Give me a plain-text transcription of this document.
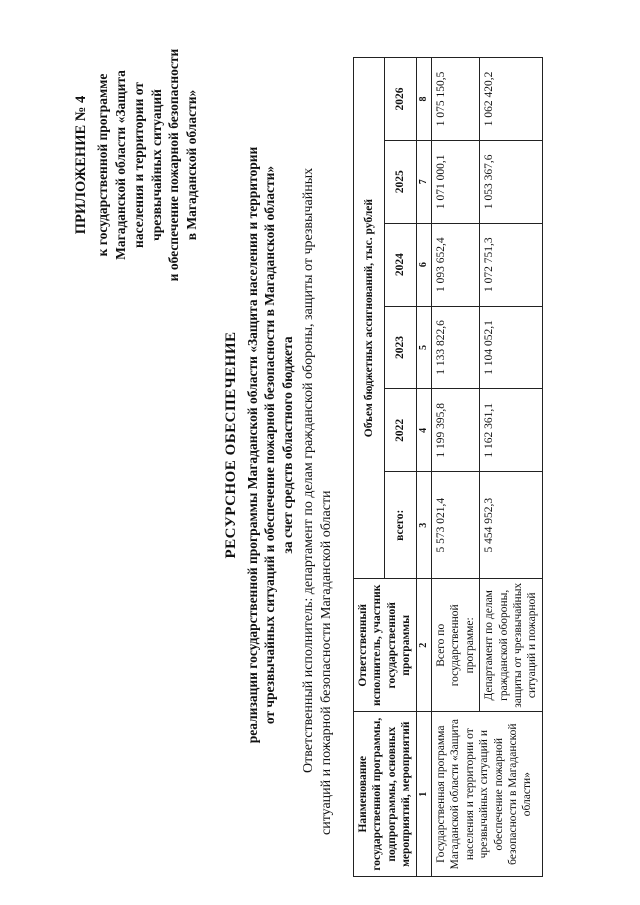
ПРИЛОЖЕНИЕ № 4 к государственной программе Магаданской области «Защита населения и территории от чрезвычайных ситуаций и обеспечение пожарной безопасности в Магаданской области»
РЕСУРСНОЕ ОБЕСПЕЧЕНИЕ реализации государственной программы Магаданской области «Защита населения и территории от чрезвычайных ситуаций и обеспечение пожарной безопасности в Магаданской области» за счет средств областного бюджета Ответственный исполнитель: департамент по делам гражданской обороны, защиты от чрезвычайных ситуаций и пожарной безопасности Магаданской области Наименование государственной программы, подпрограммы, основных мероприятий, мероприятий	Ответственный исполнитель, участник государственной программы	Объем бюджетных ассигнований, тыс. рублей					
		всего:	2022	2023	2024	2025	2026
1	2	3	4	5	6	7	8
Государственная программа Магаданской области «Защита населения и территории от чрезвычайных ситуаций и обеспечение пожарной безопасности в Магаданской области»	Всего по государственной программе:	5 573 021,4	1 199 395,8	1 133 822,6	1 093 652,4	1 071 000,1	1 075 150,5
	Департамент по делам гражданской обороны, защиты от чрезвычайных ситуаций и пожарной	5 454 952,3	1 162 361,1	1 104 052,1	1 072 751,3	1 053 367,6	1 062 420,2
